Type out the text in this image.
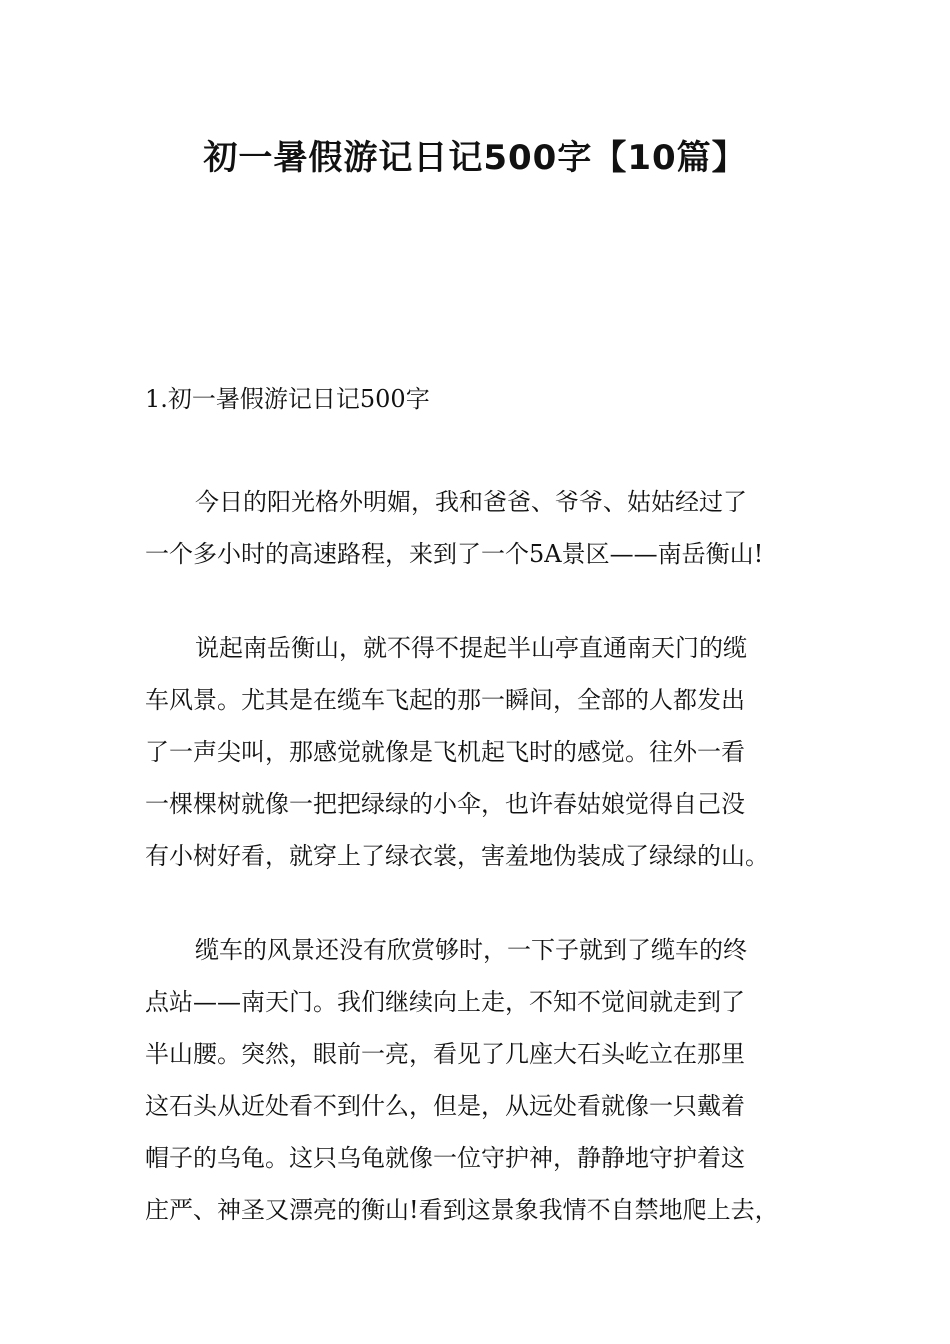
初一暑假游记日记500字【10篇】
1.初一暑假游记日记500字
今日的阳光格外明媚，我和爸爸、爷爷、姑姑经过了
一个多小时的高速路程，来到了一个5A景区——南岳衡山!
说起南岳衡山，就不得不提起半山亭直通南天门的缆
车风景。尤其是在缆车飞起的那一瞬间，全部的人都发出
了一声尖叫，那感觉就像是飞机起飞时的感觉。往外一看
一棵棵树就像一把把绿绿的小伞，也许春姑娘觉得自己没
有小树好看，就穿上了绿衣裳，害羞地伪装成了绿绿的山。
缆车的风景还没有欣赏够时，一下子就到了缆车的终
点站——南天门。我们继续向上走，不知不觉间就走到了
半山腰。突然，眼前一亮，看见了几座大石头屹立在那里
这石头从近处看不到什么，但是，从远处看就像一只戴着
帽子的乌龟。这只乌龟就像一位守护神，静静地守护着这
庄严、神圣又漂亮的衡山!看到这景象我情不自禁地爬上去，
